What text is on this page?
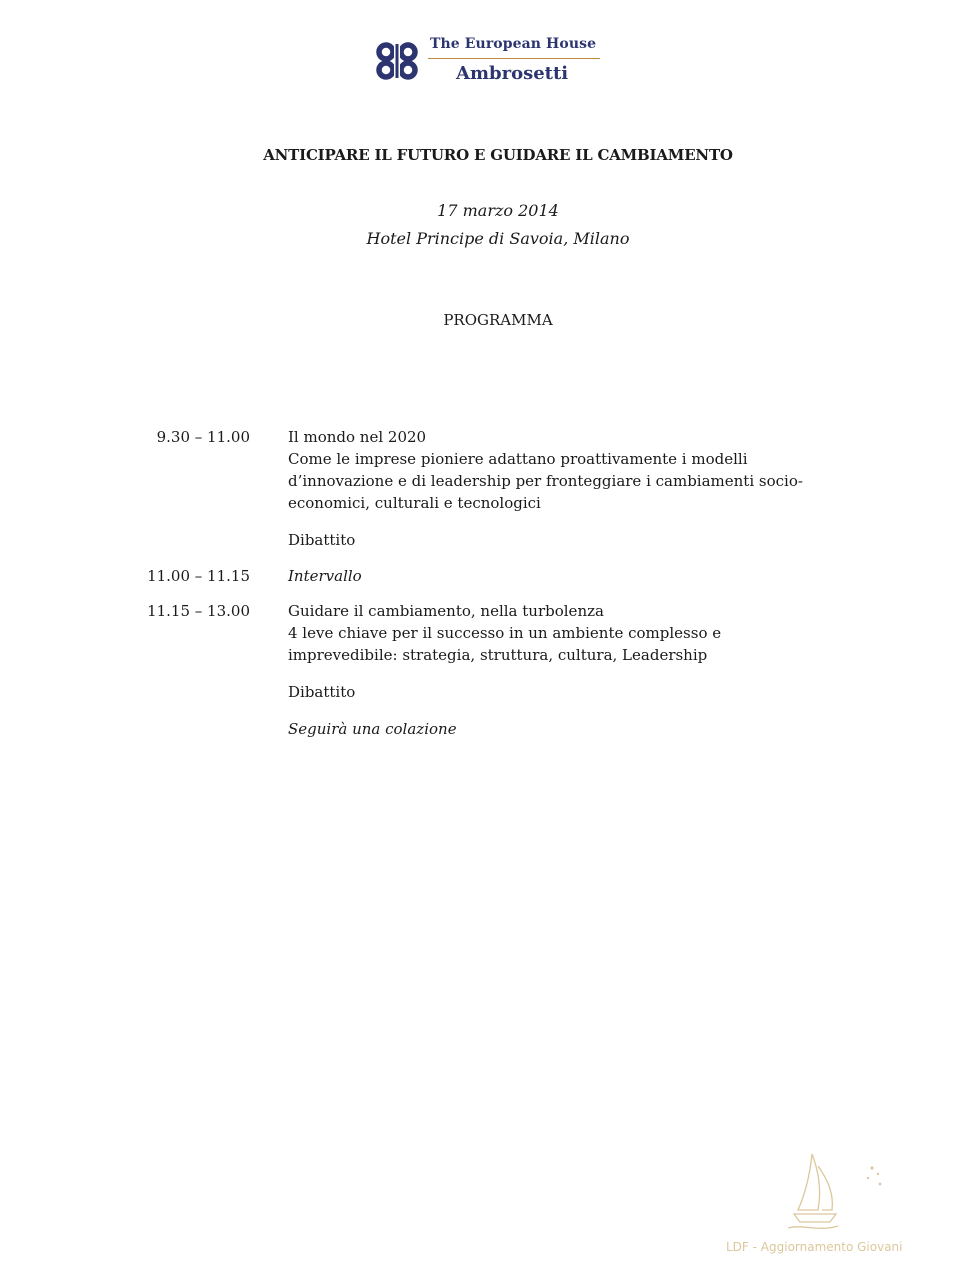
The European House
Ambrosetti
ANTICIPARE IL FUTURO E GUIDARE IL CAMBIAMENTO
17 marzo 2014
Hotel Principe di Savoia, Milano
PROGRAMMA
9.30 – 11.00	Il mondo nel 2020
Come le imprese pioniere adattano proattivamente i modelli
d’innovazione e di leadership per fronteggiare i cambiamenti socio-
economici, culturali e tecnologici
Dibattito
11.00 – 11.15	Intervallo
11.15 – 13.00	Guidare il cambiamento, nella turbolenza
4 leve chiave per il successo in un ambiente complesso e
imprevedibile: strategia, struttura, cultura, Leadership
Dibattito
Seguirà una colazione
LDF - Aggiornamento Giovani
